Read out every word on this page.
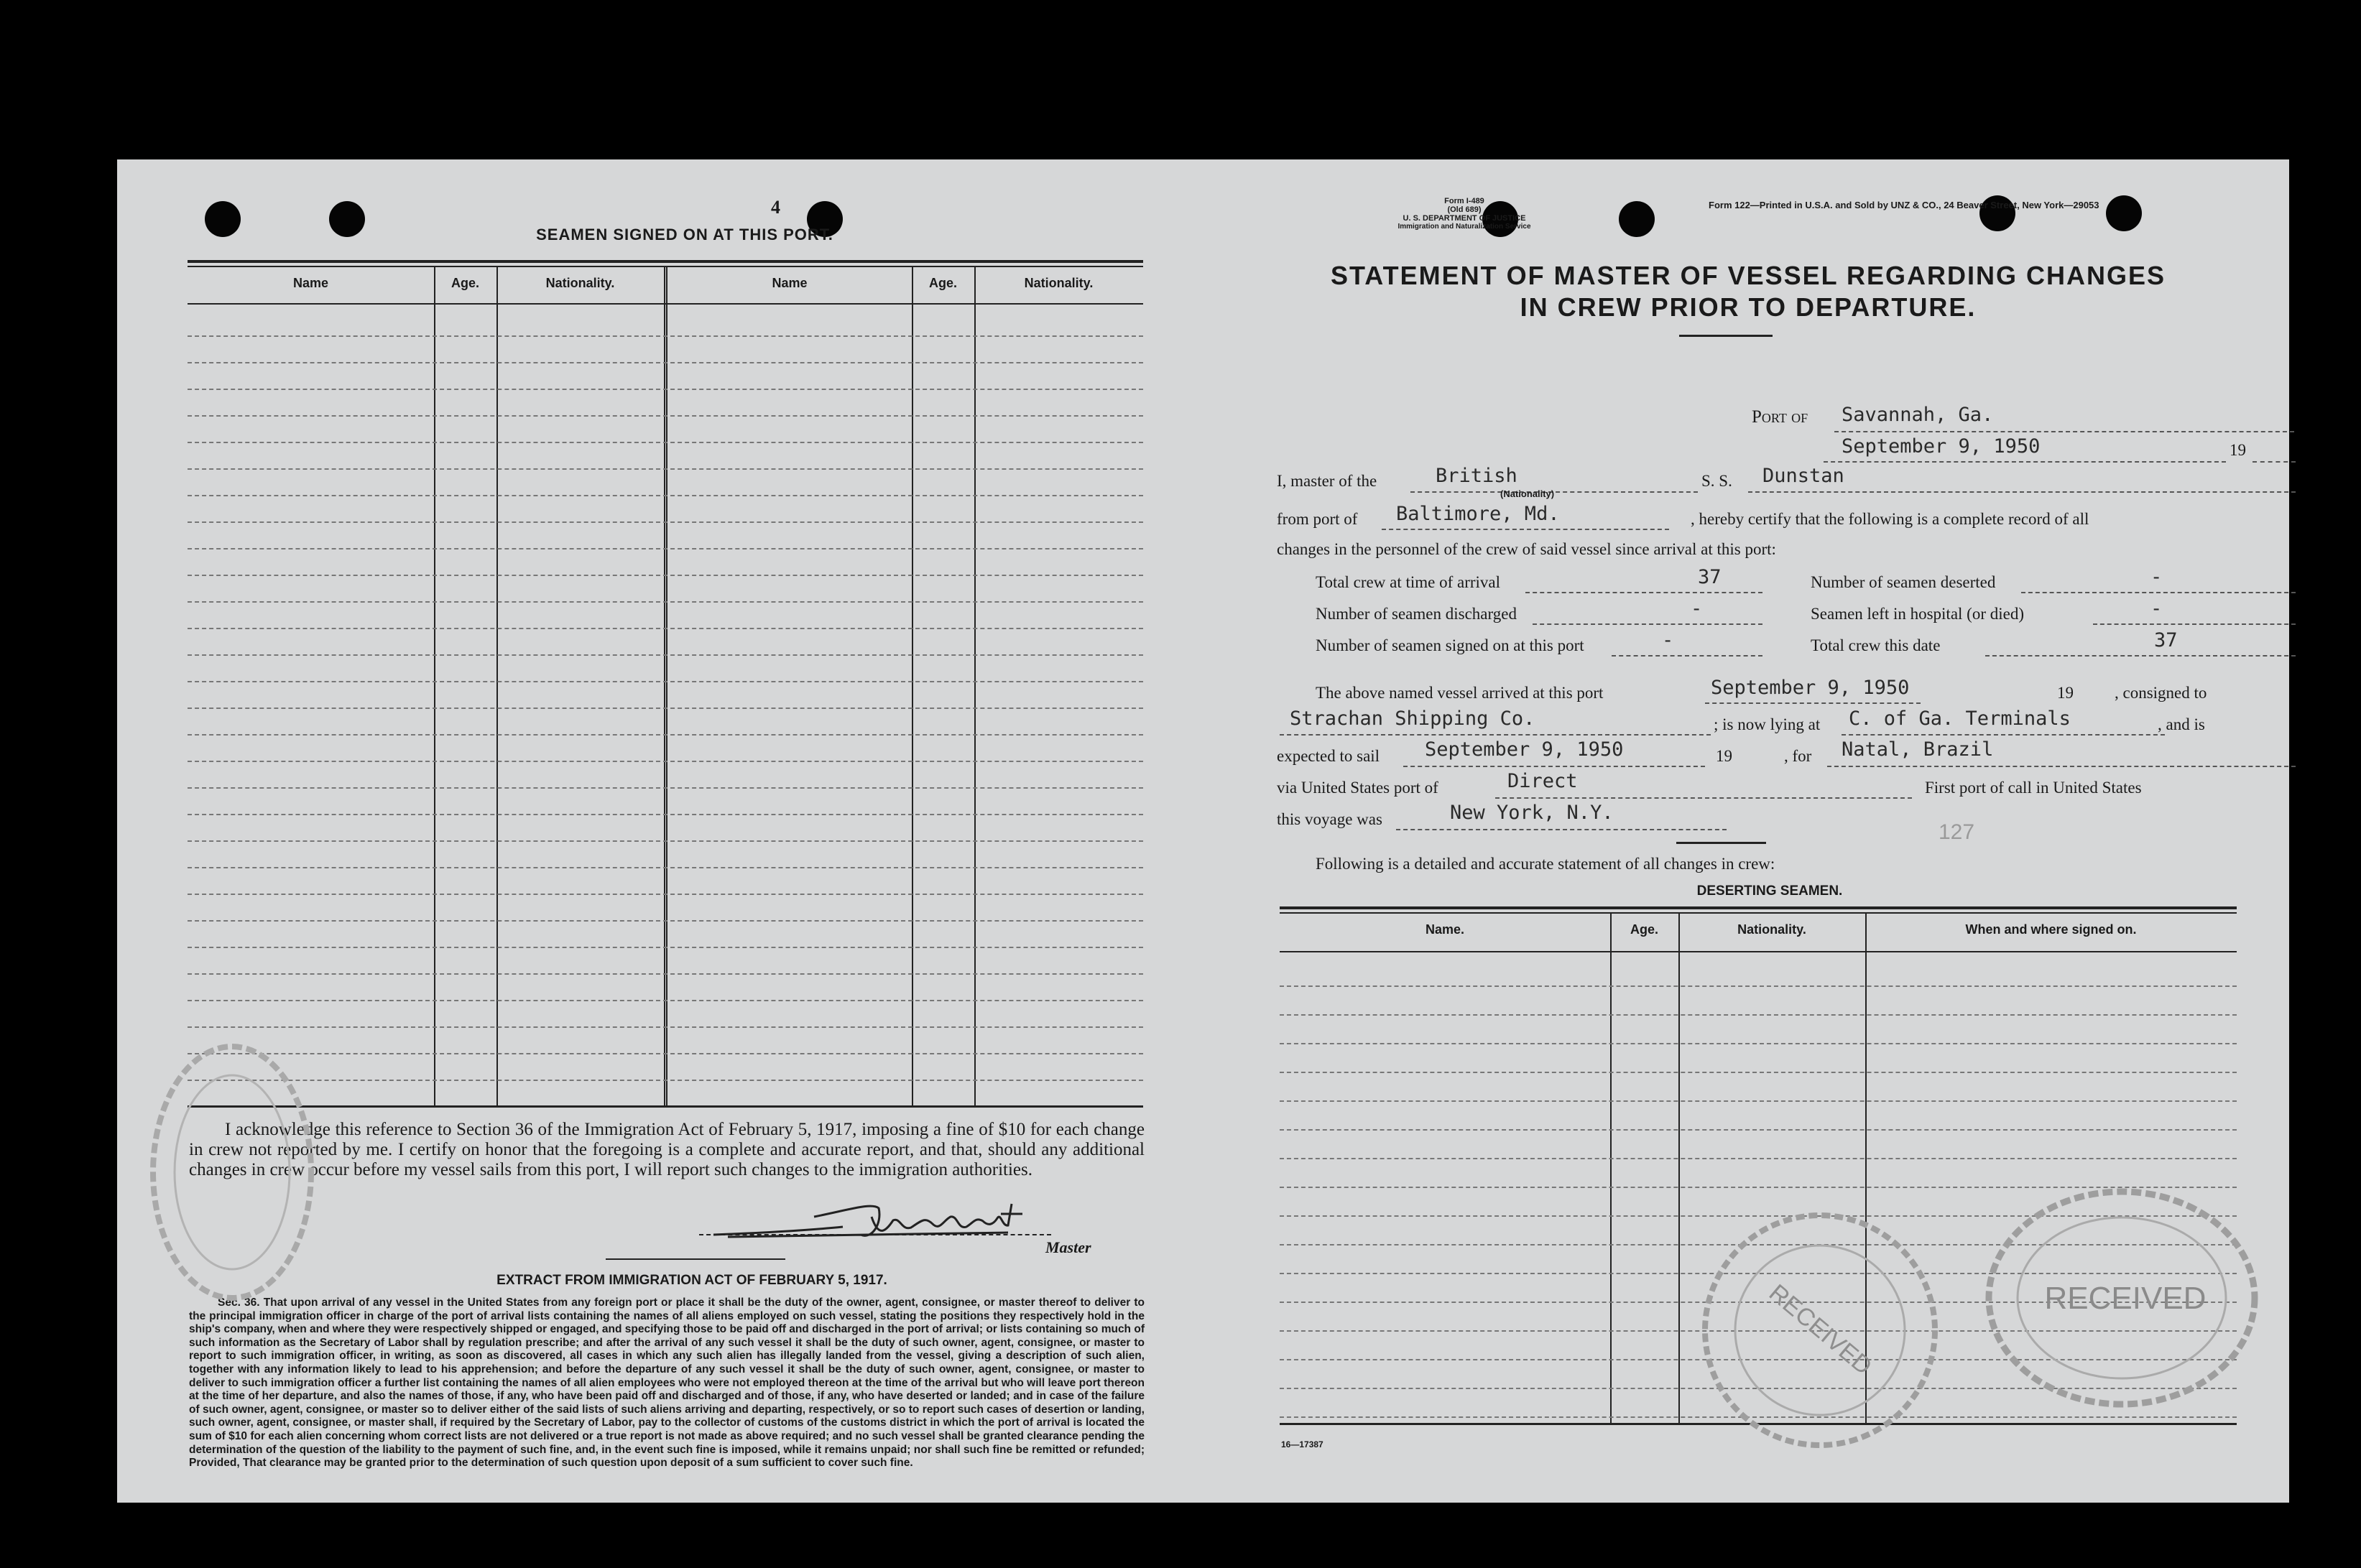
4
SEAMEN SIGNED ON AT THIS PORT.
Name	Age.	Nationality.	Name	Age.	Nationality.

I acknowledge this reference to Section 36 of the Immigration Act of February 5, 1917, imposing a fine of $10 for each change in crew not reported by me. I certify on honor that the foregoing is a complete and accurate report, and that, should any additional changes in crew occur before my vessel sails from this port, I will report such changes to the immigration authorities.

Master
EXTRACT FROM IMMIGRATION ACT OF FEBRUARY 5, 1917.

Sec. 36. That upon arrival of any vessel in the United States from any foreign port or place it shall be the duty of the owner, agent, consignee, or master thereof to deliver to the principal immigration officer in charge of the port of arrival lists containing the names of all aliens employed on such vessel, stating the positions they respectively hold in the ship's company, when and where they were respectively shipped or engaged, and specifying those to be paid off and discharged in the port of arrival; or lists containing so much of such information as the Secretary of Labor shall by regulation prescribe; and after the arrival of any such vessel it shall be the duty of such owner, agent, consignee, or master to report to such immigration officer, in writing, as soon as discovered, all cases in which any such alien has illegally landed from the vessel, giving a description of such alien, together with any information likely to lead to his apprehension; and before the departure of any such vessel it shall be the duty of such owner, agent, consignee, or master to deliver to such immigration officer a further list containing the names of all alien employees who were not employed thereon at the time of the arrival but who will leave port thereon at the time of her departure, and also the names of those, if any, who have been paid off and discharged and of those, if any, who have deserted or landed; and in case of the failure of such owner, agent, consignee, or master so to deliver either of the said lists of such aliens arriving and departing, respectively, or so to report such cases of desertion or landing, such owner, agent, consignee, or master shall, if required by the Secretary of Labor, pay to the collector of customs of the customs district in which the port of arrival is located the sum of $10 for each alien concerning whom correct lists are not delivered or a true report is not made as above required; and no such vessel shall be granted clearance pending the determination of the question of the liability to the payment of such fine, and, in the event such fine is imposed, while it remains unpaid; nor shall such fine be remitted or refunded; Provided, That clearance may be granted prior to the determination of such question upon deposit of a sum sufficient to cover such fine.

Form I-489
(Old 689)
U. S. DEPARTMENT OF JUSTICE
Immigration and Naturalization Service
Form 122—Printed in U.S.A. and Sold by UNZ & CO., 24 Beaver Street, New York—29053
STATEMENT OF MASTER OF VESSEL REGARDING CHANGES
IN CREW PRIOR TO DEPARTURE.
Port of Savannah, Ga.
September 9, 1950	19
I, master of the	British
(Nationality)
S. S. Dunstan
from port of Baltimore, Md.	, hereby certify that the following is a complete record of all
changes in the personnel of the crew of said vessel since arrival at this port:
Total crew at time of arrival	37	Number of seamen deserted	-
Number of seamen discharged	-	Seamen left in hospital (or died)	-
Number of seamen signed on at this port	-	Total crew this date	37
The above named vessel arrived at this port	September 9, 1950	19 , consigned to
Strachan Shipping Co.	; is now lying at C. of Ga. Terminals	, and is
expected to sail September 9, 1950	19	, for Natal, Brazil
via United States port of	Direct	First port of call in United States
this voyage was	New York, N.Y.
127
Following is a detailed and accurate statement of all changes in crew:
DESERTING SEAMEN.
Name.	Age.	Nationality.	When and where signed on.
16—17387
RECEIVED	RECEIVED
